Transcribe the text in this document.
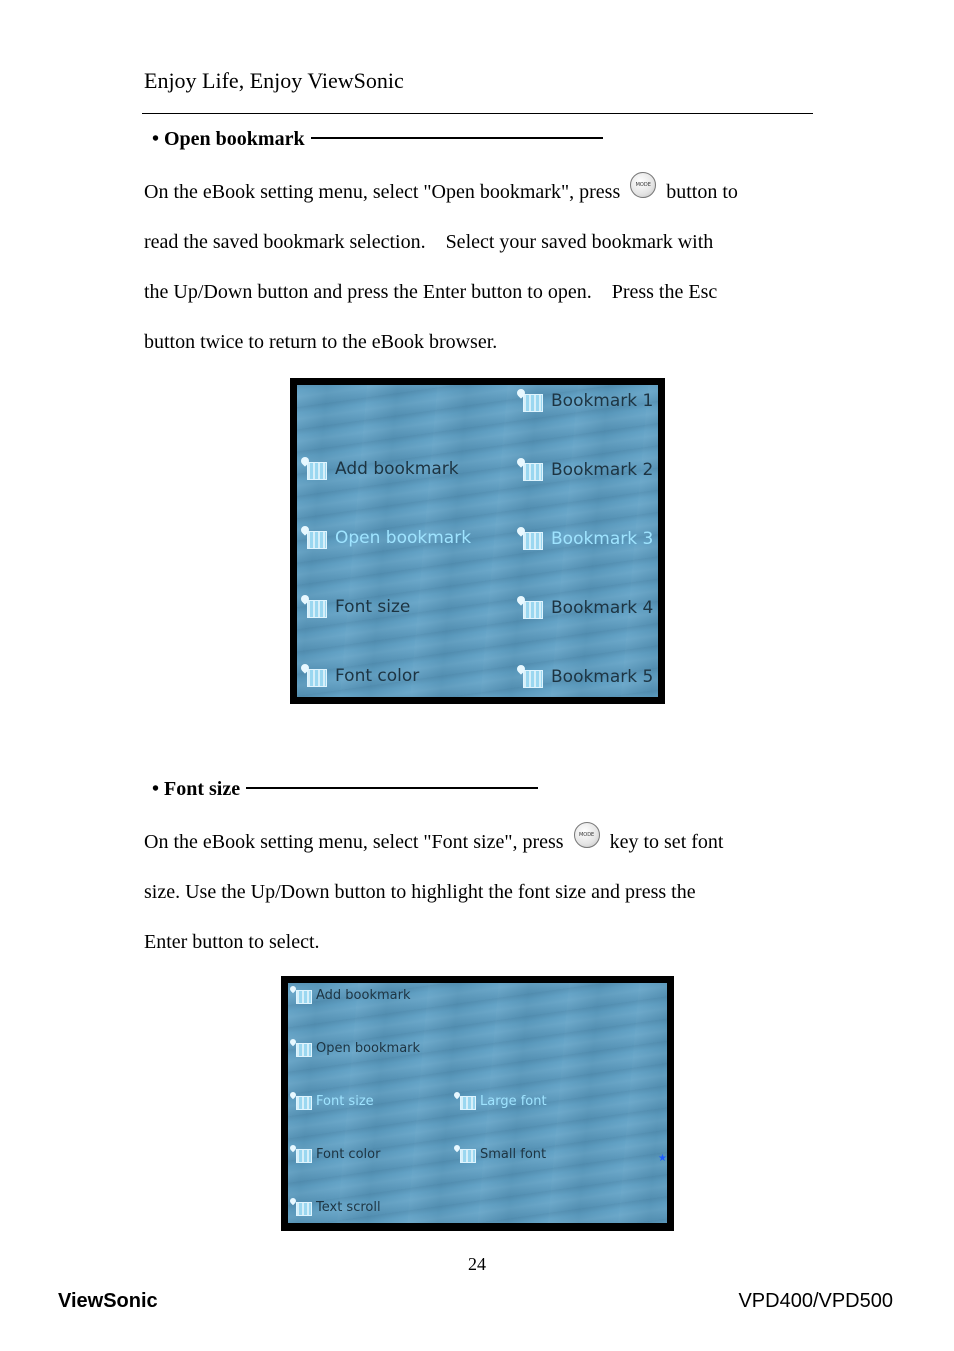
Enjoy Life, Enjoy ViewSonic
• Open bookmark
On the eBook setting menu, select "Open bookmark", press	MODE button to
read the saved bookmark selection.    Select your saved bookmark with
the Up/Down button and press the Enter button to open.    Press the Esc
button twice to return to the eBook browser.
Add bookmark
Open bookmark
Font size
Font color
Bookmark 1
Bookmark 2
Bookmark 3
Bookmark 4
Bookmark 5
• Font size
On the eBook setting menu, select "Font size", press	MODE key to set font
size. Use the Up/Down button to highlight the font size and press the
Enter button to select.
★
Add bookmark
Open bookmark
Font size
Font color
Text scroll
Large font
Small font
24
ViewSonic	VPD400/VPD500
